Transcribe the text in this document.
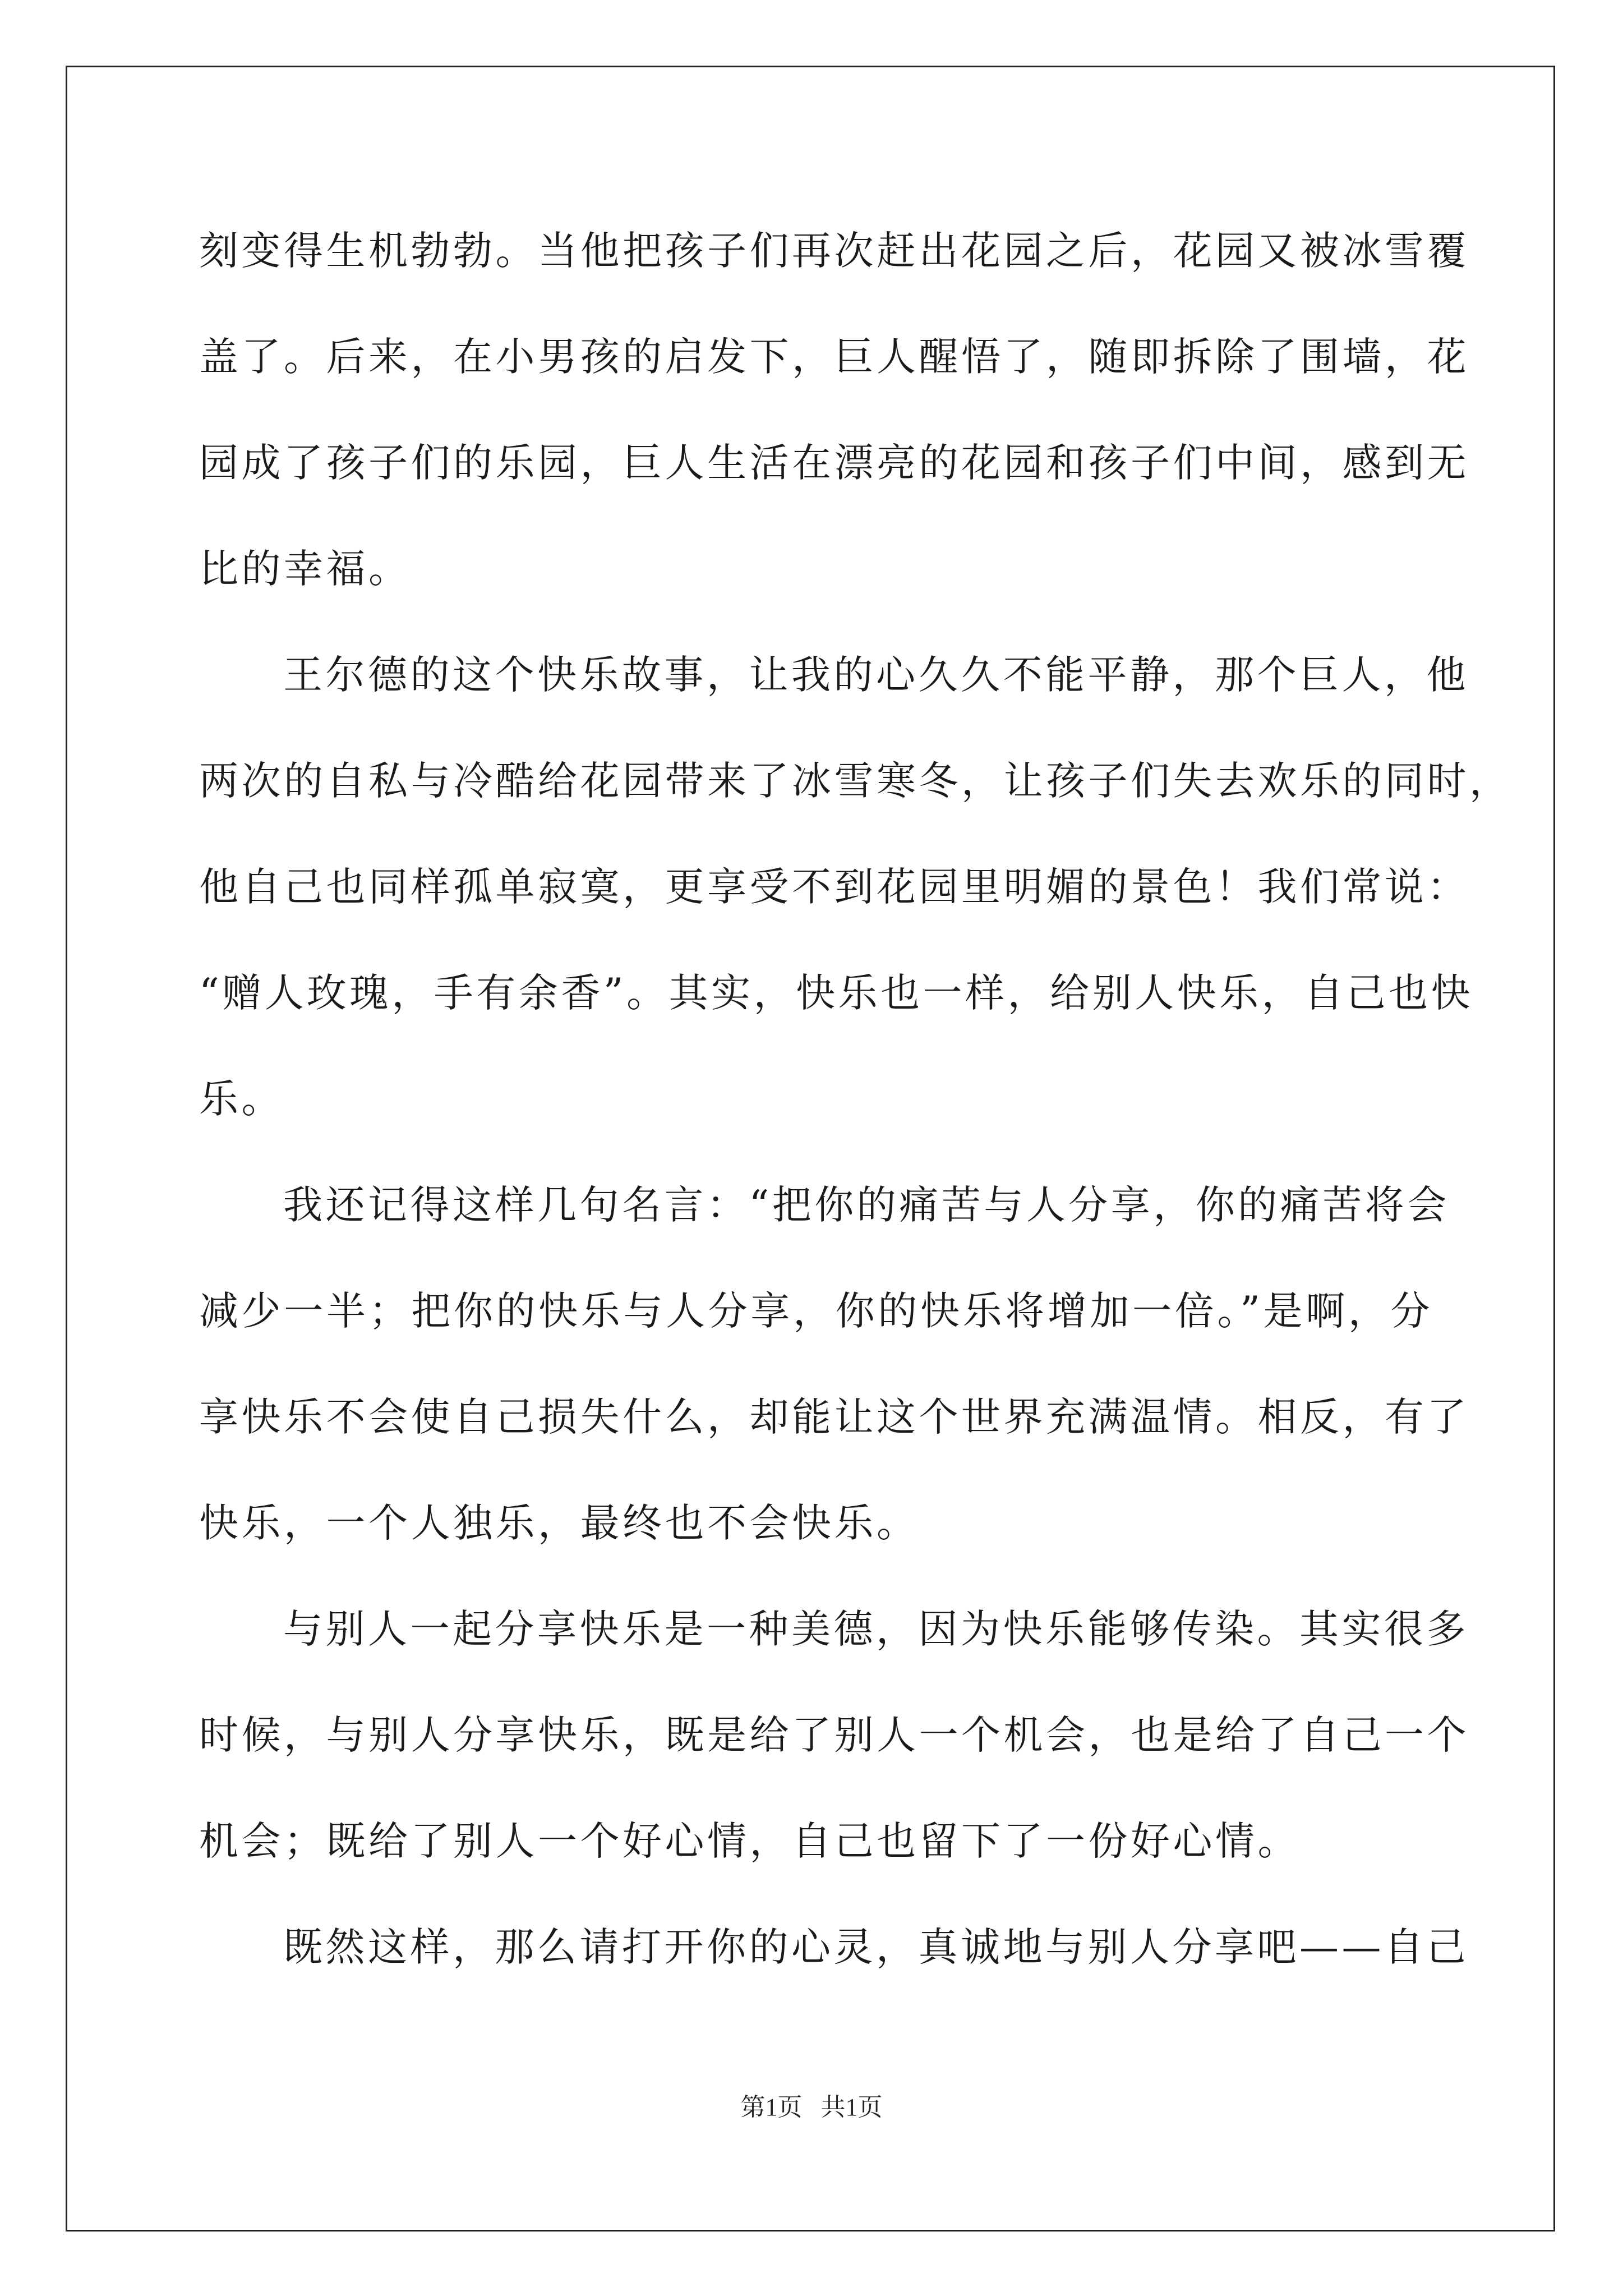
刻变得生机勃勃。当他把孩子们再次赶出花园之后，花园又被冰雪覆
盖了。后来，在小男孩的启发下，巨人醒悟了，随即拆除了围墙，花
园成了孩子们的乐园，巨人生活在漂亮的花园和孩子们中间，感到无
比的幸福。
王尔德的这个快乐故事，让我的心久久不能平静，那个巨人，他
两次的自私与冷酷给花园带来了冰雪寒冬，让孩子们失去欢乐的同时，
他自己也同样孤单寂寞，更享受不到花园里明媚的景色！我们常说：
“赠人玫瑰，手有余香”。其实，快乐也一样，给别人快乐，自己也快
乐。
我还记得这样几句名言：“把你的痛苦与人分享，你的痛苦将会
减少一半；把你的快乐与人分享，你的快乐将增加一倍。”是啊，分
享快乐不会使自己损失什么，却能让这个世界充满温情。相反，有了
快乐，一个人独乐，最终也不会快乐。
与别人一起分享快乐是一种美德，因为快乐能够传染。其实很多
时候，与别人分享快乐，既是给了别人一个机会，也是给了自己一个
机会；既给了别人一个好心情，自己也留下了一份好心情。
既然这样，那么请打开你的心灵，真诚地与别人分享吧——自己
第1页 共1页
